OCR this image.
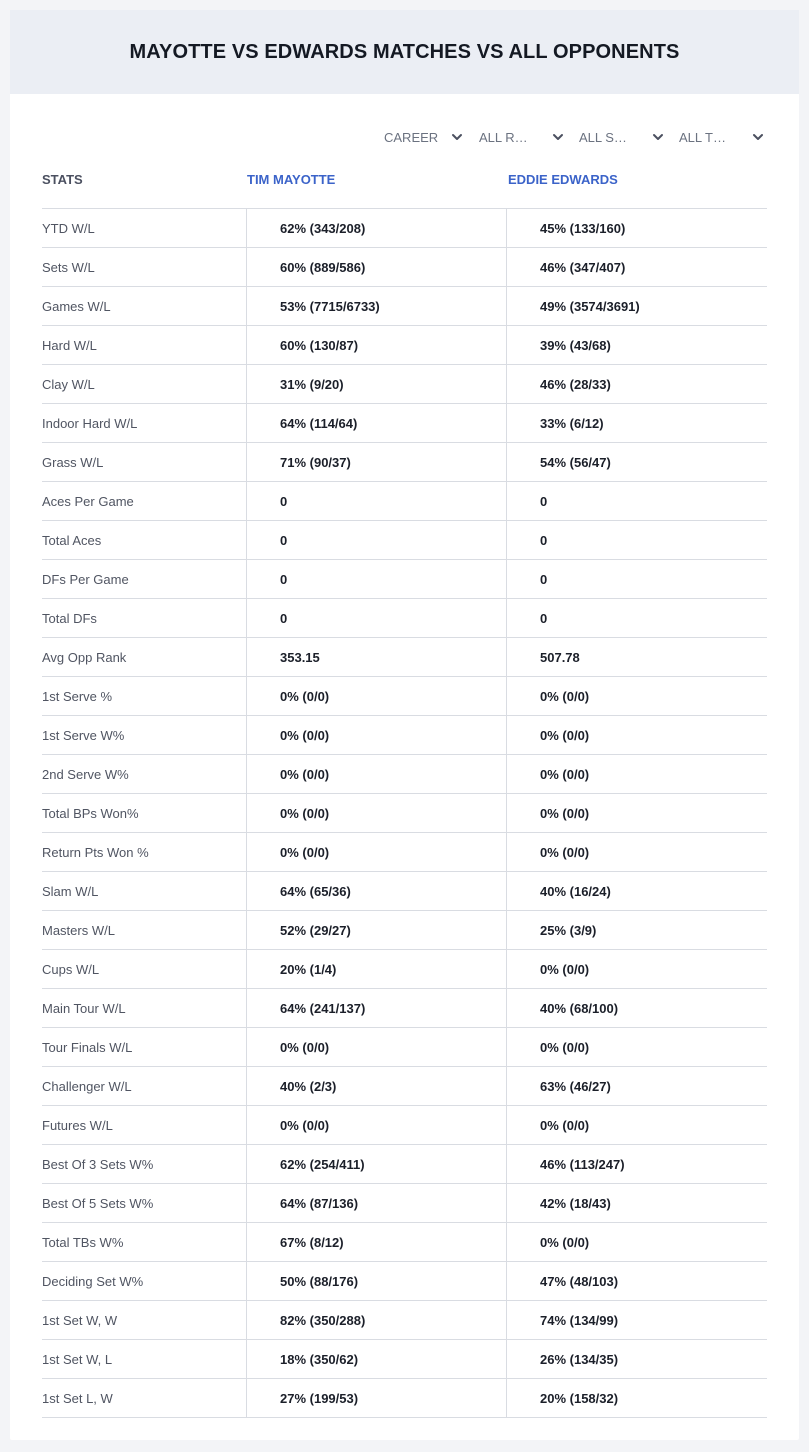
MAYOTTE VS EDWARDS MATCHES VS ALL OPPONENTS
CAREER	ALL R…	ALL S…	ALL T…
STATS	TIM MAYOTTE	EDDIE EDWARDS
YTD W/L	62% (343/208)	45% (133/160)
Sets W/L	60% (889/586)	46% (347/407)
Games W/L	53% (7715/6733)	49% (3574/3691)
Hard W/L	60% (130/87)	39% (43/68)
Clay W/L	31% (9/20)	46% (28/33)
Indoor Hard W/L	64% (114/64)	33% (6/12)
Grass W/L	71% (90/37)	54% (56/47)
Aces Per Game	0	0
Total Aces	0	0
DFs Per Game	0	0
Total DFs	0	0
Avg Opp Rank	353.15	507.78
1st Serve %	0% (0/0)	0% (0/0)
1st Serve W%	0% (0/0)	0% (0/0)
2nd Serve W%	0% (0/0)	0% (0/0)
Total BPs Won%	0% (0/0)	0% (0/0)
Return Pts Won %	0% (0/0)	0% (0/0)
Slam W/L	64% (65/36)	40% (16/24)
Masters W/L	52% (29/27)	25% (3/9)
Cups W/L	20% (1/4)	0% (0/0)
Main Tour W/L	64% (241/137)	40% (68/100)
Tour Finals W/L	0% (0/0)	0% (0/0)
Challenger W/L	40% (2/3)	63% (46/27)
Futures W/L	0% (0/0)	0% (0/0)
Best Of 3 Sets W%	62% (254/411)	46% (113/247)
Best Of 5 Sets W%	64% (87/136)	42% (18/43)
Total TBs W%	67% (8/12)	0% (0/0)
Deciding Set W%	50% (88/176)	47% (48/103)
1st Set W, W	82% (350/288)	74% (134/99)
1st Set W, L	18% (350/62)	26% (134/35)
1st Set L, W	27% (199/53)	20% (158/32)
